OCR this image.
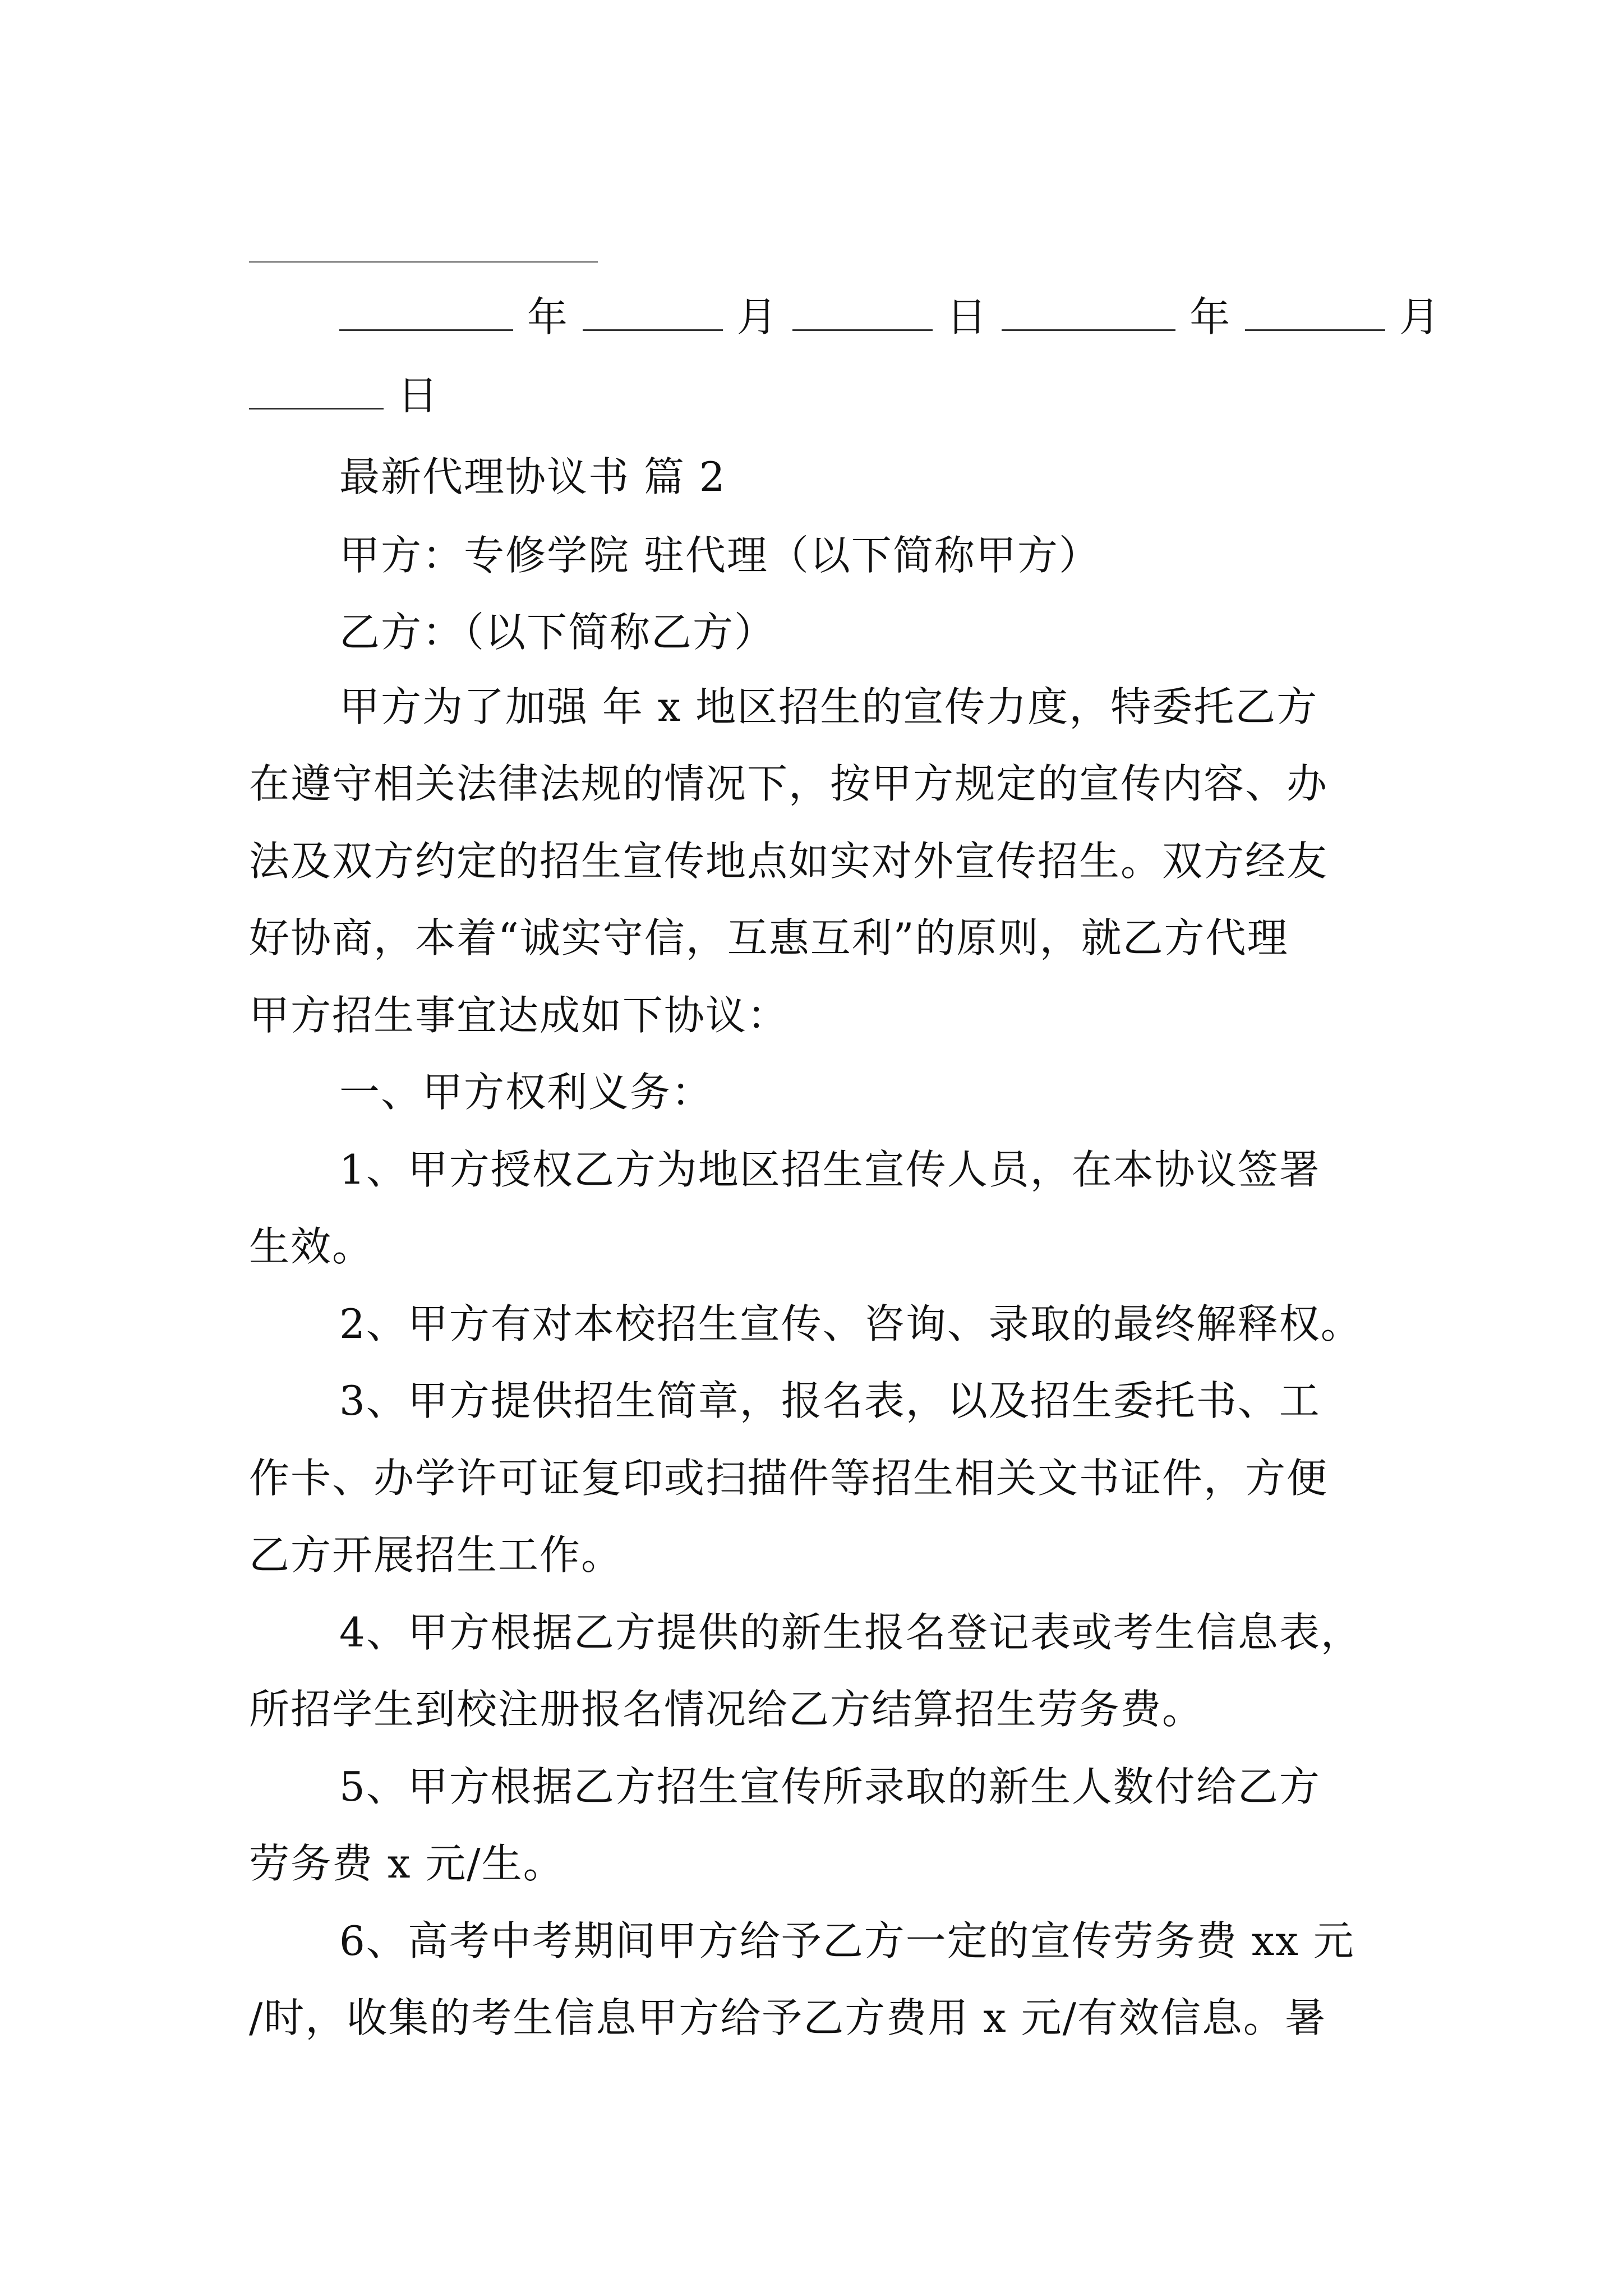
年	月	日	年	月
日
最新代理协议书 篇 2
甲方：专修学院 驻代理（以下简称甲方）
乙方：（以下简称乙方）
甲方为了加强 年 x 地区招生的宣传力度，特委托乙方
在遵守相关法律法规的情况下，按甲方规定的宣传内容、办
法及双方约定的招生宣传地点如实对外宣传招生。双方经友
好协商，本着“诚实守信，互惠互利”的原则，就乙方代理
甲方招生事宜达成如下协议：
一、甲方权利义务：
1、甲方授权乙方为地区招生宣传人员，在本协议签署
生效。
2、甲方有对本校招生宣传、咨询、录取的最终解释权。
3、甲方提供招生简章，报名表，以及招生委托书、工
作卡、办学许可证复印或扫描件等招生相关文书证件，方便
乙方开展招生工作。
4、甲方根据乙方提供的新生报名登记表或考生信息表，
所招学生到校注册报名情况给乙方结算招生劳务费。
5、甲方根据乙方招生宣传所录取的新生人数付给乙方
劳务费 x 元/生。
6、高考中考期间甲方给予乙方一定的宣传劳务费 xx 元
/时，收集的考生信息甲方给予乙方费用 x 元/有效信息。暑
